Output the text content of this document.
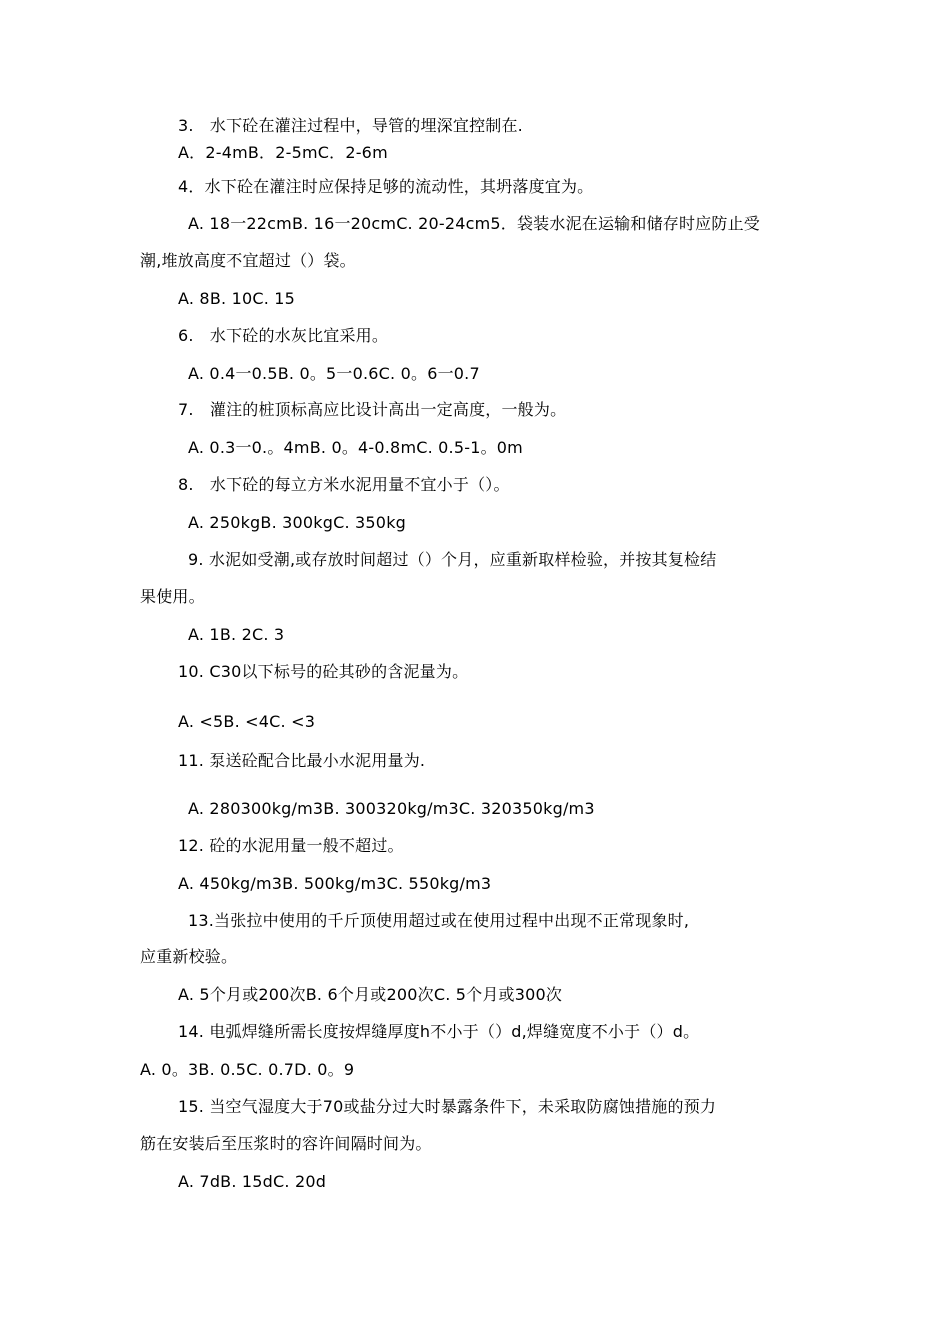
3.　水下砼在灌注过程中，导管的埋深宜控制在.
A．2-4mB．2-5mC．2-6m
4．水下砼在灌注时应保持足够的流动性，其坍落度宜为。
A. 18一22cmB. 16一20cmC. 20-24cm5．袋装水泥在运输和储存时应防止受
潮,堆放高度不宜超过（）袋。
A. 8B. 10C. 15
6.　水下砼的水灰比宜采用。
A. 0.4一0.5B. 0。5一0.6C. 0。6一0.7
7.　灌注的桩顶标高应比设计高出一定高度，一般为。
A. 0.3一0.。4mB. 0。4-0.8mC. 0.5-1。0m
8.　水下砼的每立方米水泥用量不宜小于（）。
A. 250kgB. 300kgC. 350kg
9. 水泥如受潮,或存放时间超过（）个月，应重新取样检验，并按其复检结
果使用。
A. 1B. 2C. 3
10. C30以下标号的砼其砂的含泥量为。
A. <5B. <4C. <3
11. 泵送砼配合比最小水泥用量为.
A. 280300kg/m3B. 300320kg/m3C. 320350kg/m3
12. 砼的水泥用量一般不超过。
A. 450kg/m3B. 500kg/m3C. 550kg/m3
13.当张拉中使用的千斤顶使用超过或在使用过程中出现不正常现象时,
应重新校验。
A. 5个月或200次B. 6个月或200次C. 5个月或300次
14. 电弧焊缝所需长度按焊缝厚度h不小于（）d,焊缝宽度不小于（）d。
A. 0。3B. 0.5C. 0.7D. 0。9
15. 当空气湿度大于70或盐分过大时暴露条件下，未采取防腐蚀措施的预力
筋在安装后至压浆时的容许间隔时间为。
A. 7dB. 15dC. 20d
